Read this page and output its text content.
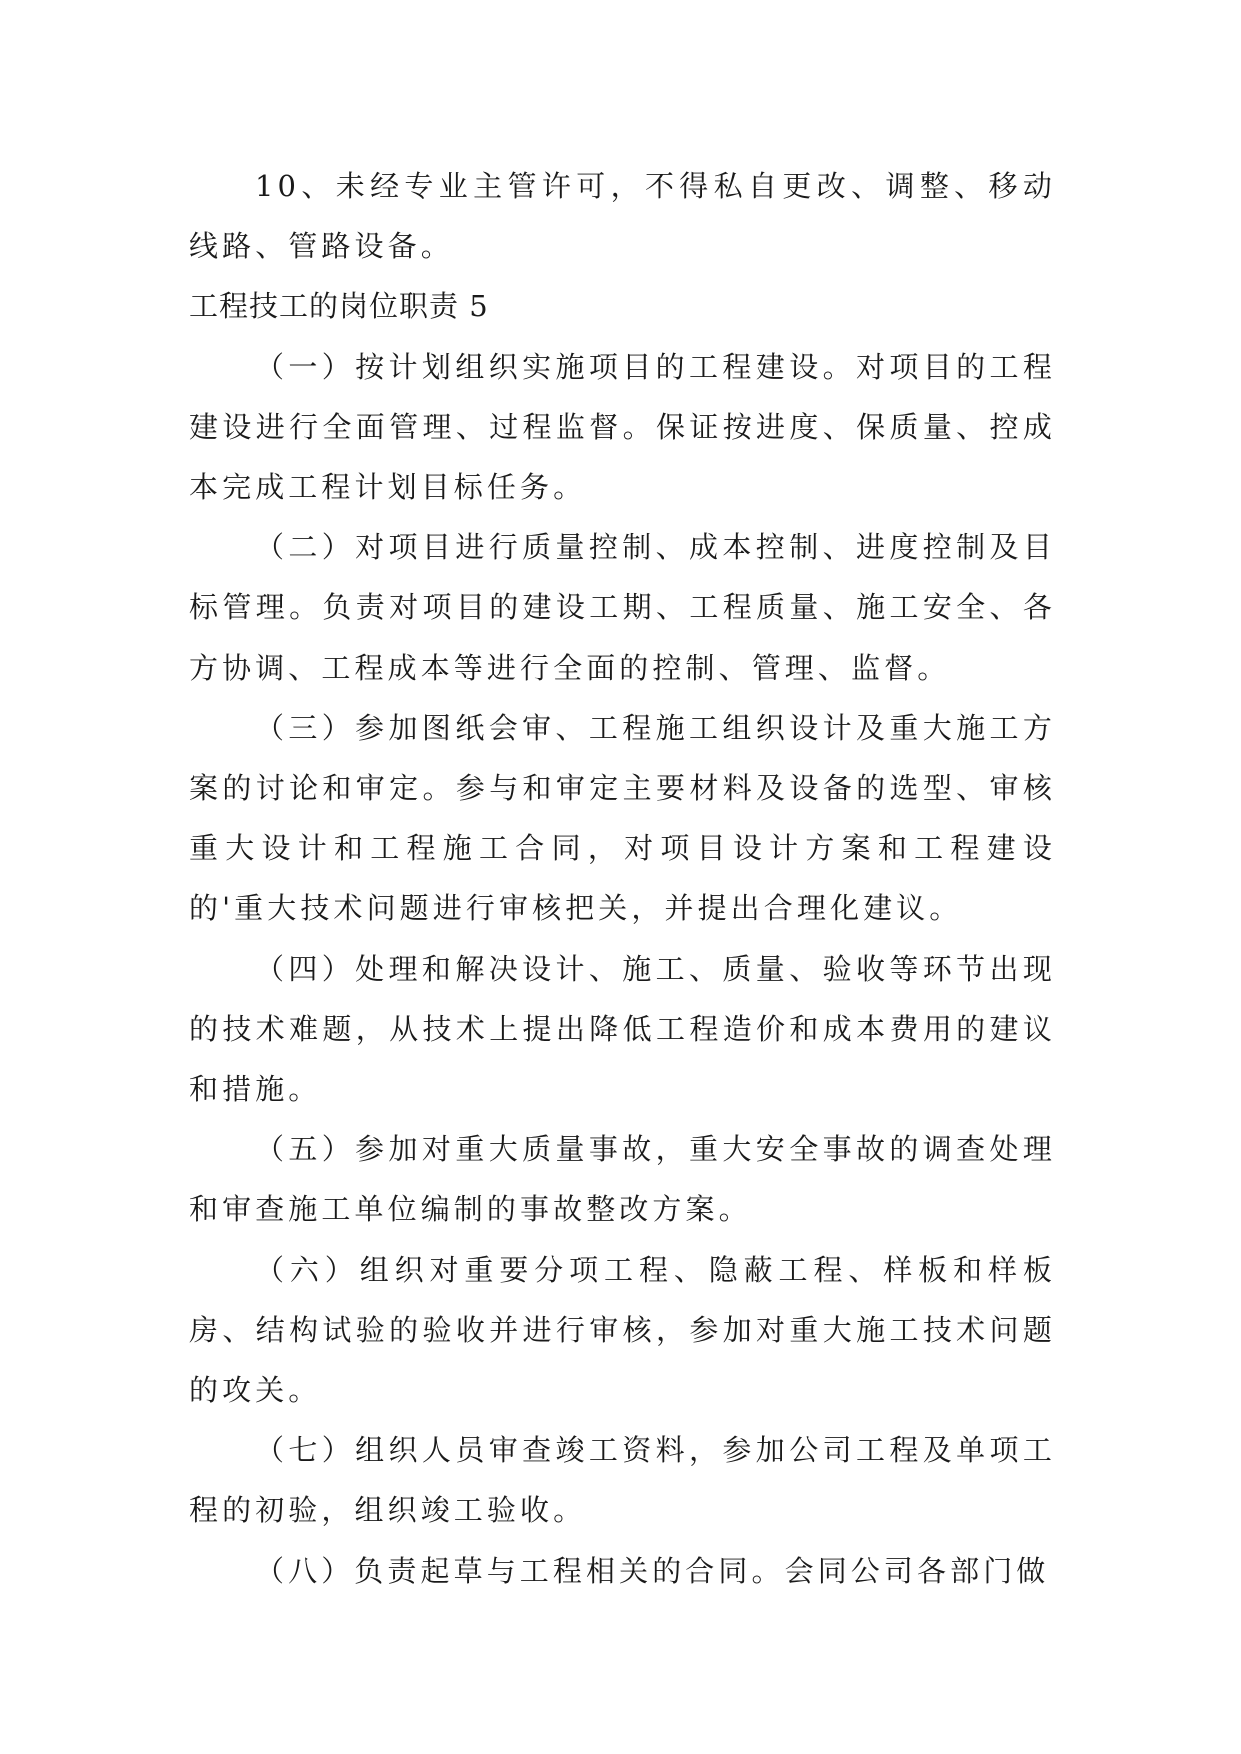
10、未经专业主管许可，不得私自更改、调整、移动线路、管路设备。

工程技工的岗位职责 5

（一）按计划组织实施项目的工程建设。对项目的工程建设进行全面管理、过程监督。保证按进度、保质量、控成本完成工程计划目标任务。

（二）对项目进行质量控制、成本控制、进度控制及目标管理。负责对项目的建设工期、工程质量、施工安全、各方协调、工程成本等进行全面的控制、管理、监督。

（三）参加图纸会审、工程施工组织设计及重大施工方案的讨论和审定。参与和审定主要材料及设备的选型、审核重大设计和工程施工合同，对项目设计方案和工程建设的'重大技术问题进行审核把关，并提出合理化建议。

（四）处理和解决设计、施工、质量、验收等环节出现的技术难题，从技术上提出降低工程造价和成本费用的建议和措施。

（五）参加对重大质量事故，重大安全事故的调查处理和审查施工单位编制的事故整改方案。

（六）组织对重要分项工程、隐蔽工程、样板和样板房、结构试验的验收并进行审核，参加对重大施工技术问题的攻关。

（七）组织人员审查竣工资料，参加公司工程及单项工程的初验，组织竣工验收。

（八）负责起草与工程相关的合同。会同公司各部门做
